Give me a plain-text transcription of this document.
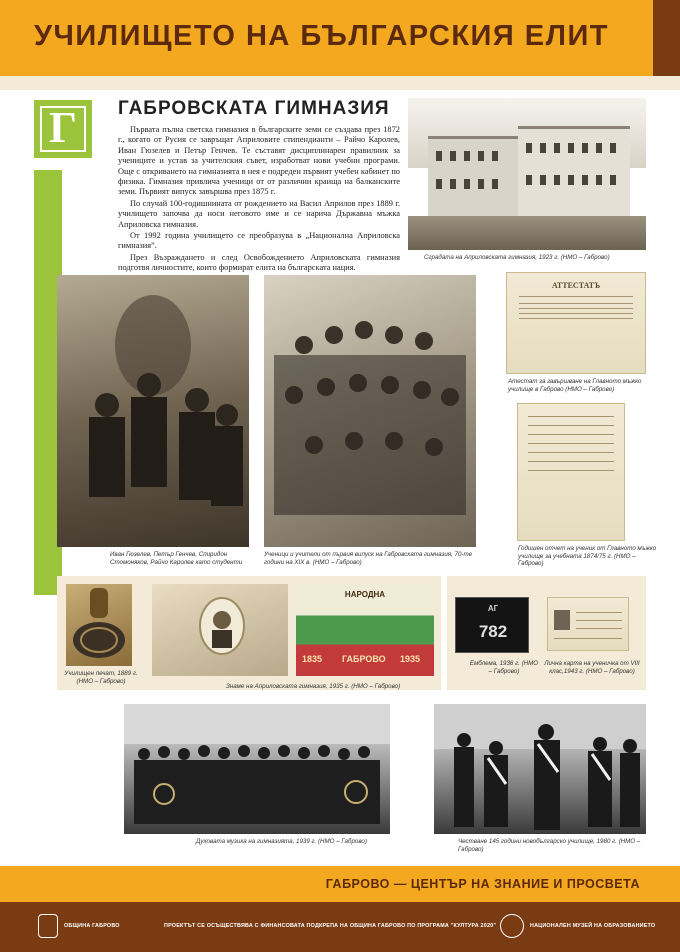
УЧИЛИЩЕТО НА БЪЛГАРСКИЯ ЕЛИТ
Г	ГАБРОВСКАТА ГИМНАЗИЯ

Първата пълна светска гимназия в българските земи се създава през 1872 г., когато от Русия се завръщат Априловите стипендианти – Райчо Каролев, Иван Гюзелев и Петър Генчев. Те съставят дисциплинарен правилник за учениците и устав за учителския съвет, изработват нови учебни програми. Още с откриването на гимназията в нея е подреден първият учебен кабинет по физика. Гимназия привлича ученици от от различни краища на балканските земи. Първият випуск завършва през 1875 г.

По случай 100-годишнината от рождението на Васил Априлов през 1889 г. училището започва да носи неговото име и се нарича Държавна мъжка Априловска гимназия.

От 1992 година училището се преобразува в „Национална Априловска гимназия”.

През Възраждането и след Освобождението Априловската гимназия подготвя личностите, които формират елита на българската нация.

Сградата на Априловската гимназия, 1923 г. (НМО – Габрово)
Иван Гюзелев, Петър Генчев, Спиридон Стомоняков, Райчо Каролев като студенти
Ученици и учители от първия випуск на Габровската гимназия, 70-те години на XIX в. (НМО – Габрово)
АТТЕСТАТЪ
Атестат за завършване на Главното мъжко училище в Габрово (НМО – Габрово)
Годишен отчет на ученик от Главното мъжко училище за учебната 1874/75 г. (НМО – Габрово)
Училищен печат, 1889 г. (НМО – Габрово)
НАРОДНА
1835 ГАБРОВО 1935
Знаме на Априловската гимназия, 1935 г. (НМО – Габрово)
АГ
782
Емблема, 1936 г. (НМО – Габрово)
Лична карта на ученичка от VIII клас,1943 г. (НМО – Габрово)
Духовата музика на гимназията, 1939 г. (НМО – Габрово)	Честване 145 години новобългарско училище, 1980 г. (НМО – Габрово)
ГАБРОВО — ЦЕНТЪР НА ЗНАНИЕ И ПРОСВЕТА
ОБЩИНА ГАБРОВО	ПРОЕКТЪТ СЕ ОСЪЩЕСТВЯВА С ФИНАНСОВАТА ПОДКРЕПА НА ОБЩИНА ГАБРОВО ПО ПРОГРАМА "КУЛТУРА 2020"	НАЦИОНАЛЕН МУЗЕЙ НА ОБРАЗОВАНИЕТО
